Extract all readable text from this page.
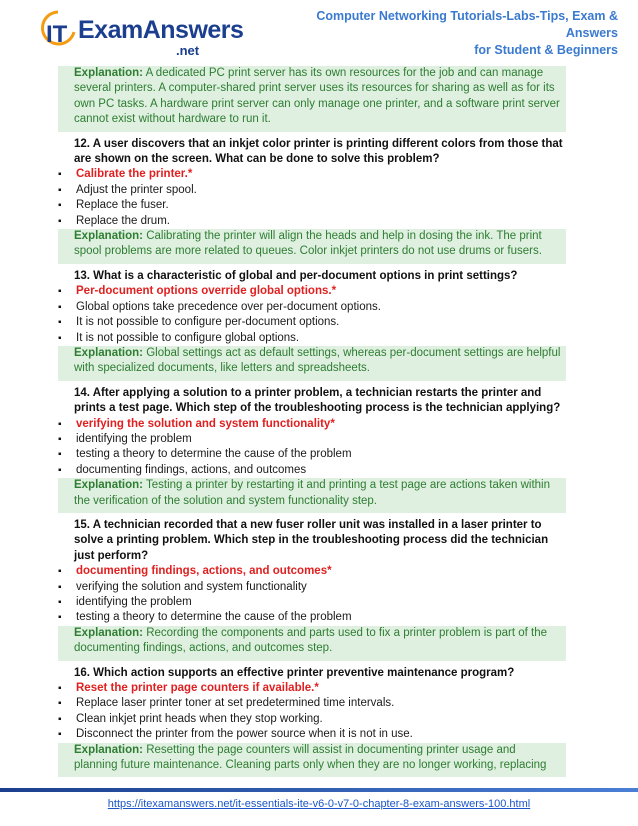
IT ExamAnswers
.net
Computer Networking Tutorials-Labs-Tips, Exam & Answers
for Student & Beginners
Explanation: A dedicated PC print server has its own resources for the job and can manage several printers. A computer-shared print server uses its resources for sharing as well as for its own PC tasks. A hardware print server can only manage one printer, and a software print server cannot exist without hardware to run it.
12. A user discovers that an inkjet color printer is printing different colors from those that are shown on the screen. What can be done to solve this problem?
▪ Calibrate the printer.*
▪ Adjust the printer spool.
▪ Replace the fuser.
▪ Replace the drum.
Explanation: Calibrating the printer will align the heads and help in dosing the ink. The print spool problems are more related to queues. Color inkjet printers do not use drums or fusers.
13. What is a characteristic of global and per-document options in print settings?
▪ Per-document options override global options.*
▪ Global options take precedence over per-document options.
▪ It is not possible to configure per-document options.
▪ It is not possible to configure global options.
Explanation: Global settings act as default settings, whereas per-document settings are helpful with specialized documents, like letters and spreadsheets.
14. After applying a solution to a printer problem, a technician restarts the printer and prints a test page. Which step of the troubleshooting process is the technician applying?
▪ verifying the solution and system functionality*
▪ identifying the problem
▪ testing a theory to determine the cause of the problem
▪ documenting findings, actions, and outcomes
Explanation: Testing a printer by restarting it and printing a test page are actions taken within the verification of the solution and system functionality step.
15. A technician recorded that a new fuser roller unit was installed in a laser printer to solve a printing problem. Which step in the troubleshooting process did the technician just perform?
▪ documenting findings, actions, and outcomes*
▪ verifying the solution and system functionality
▪ identifying the problem
▪ testing a theory to determine the cause of the problem
Explanation: Recording the components and parts used to fix a printer problem is part of the documenting findings, actions, and outcomes step.
16. Which action supports an effective printer preventive maintenance program?
▪ Reset the printer page counters if available.*
▪ Replace laser printer toner at set predetermined time intervals.
▪ Clean inkjet print heads when they stop working.
▪ Disconnect the printer from the power source when it is not in use.
Explanation: Resetting the page counters will assist in documenting printer usage and planning future maintenance. Cleaning parts only when they are no longer working, replacing
https://itexamanswers.net/it-essentials-ite-v6-0-v7-0-chapter-8-exam-answers-100.html
